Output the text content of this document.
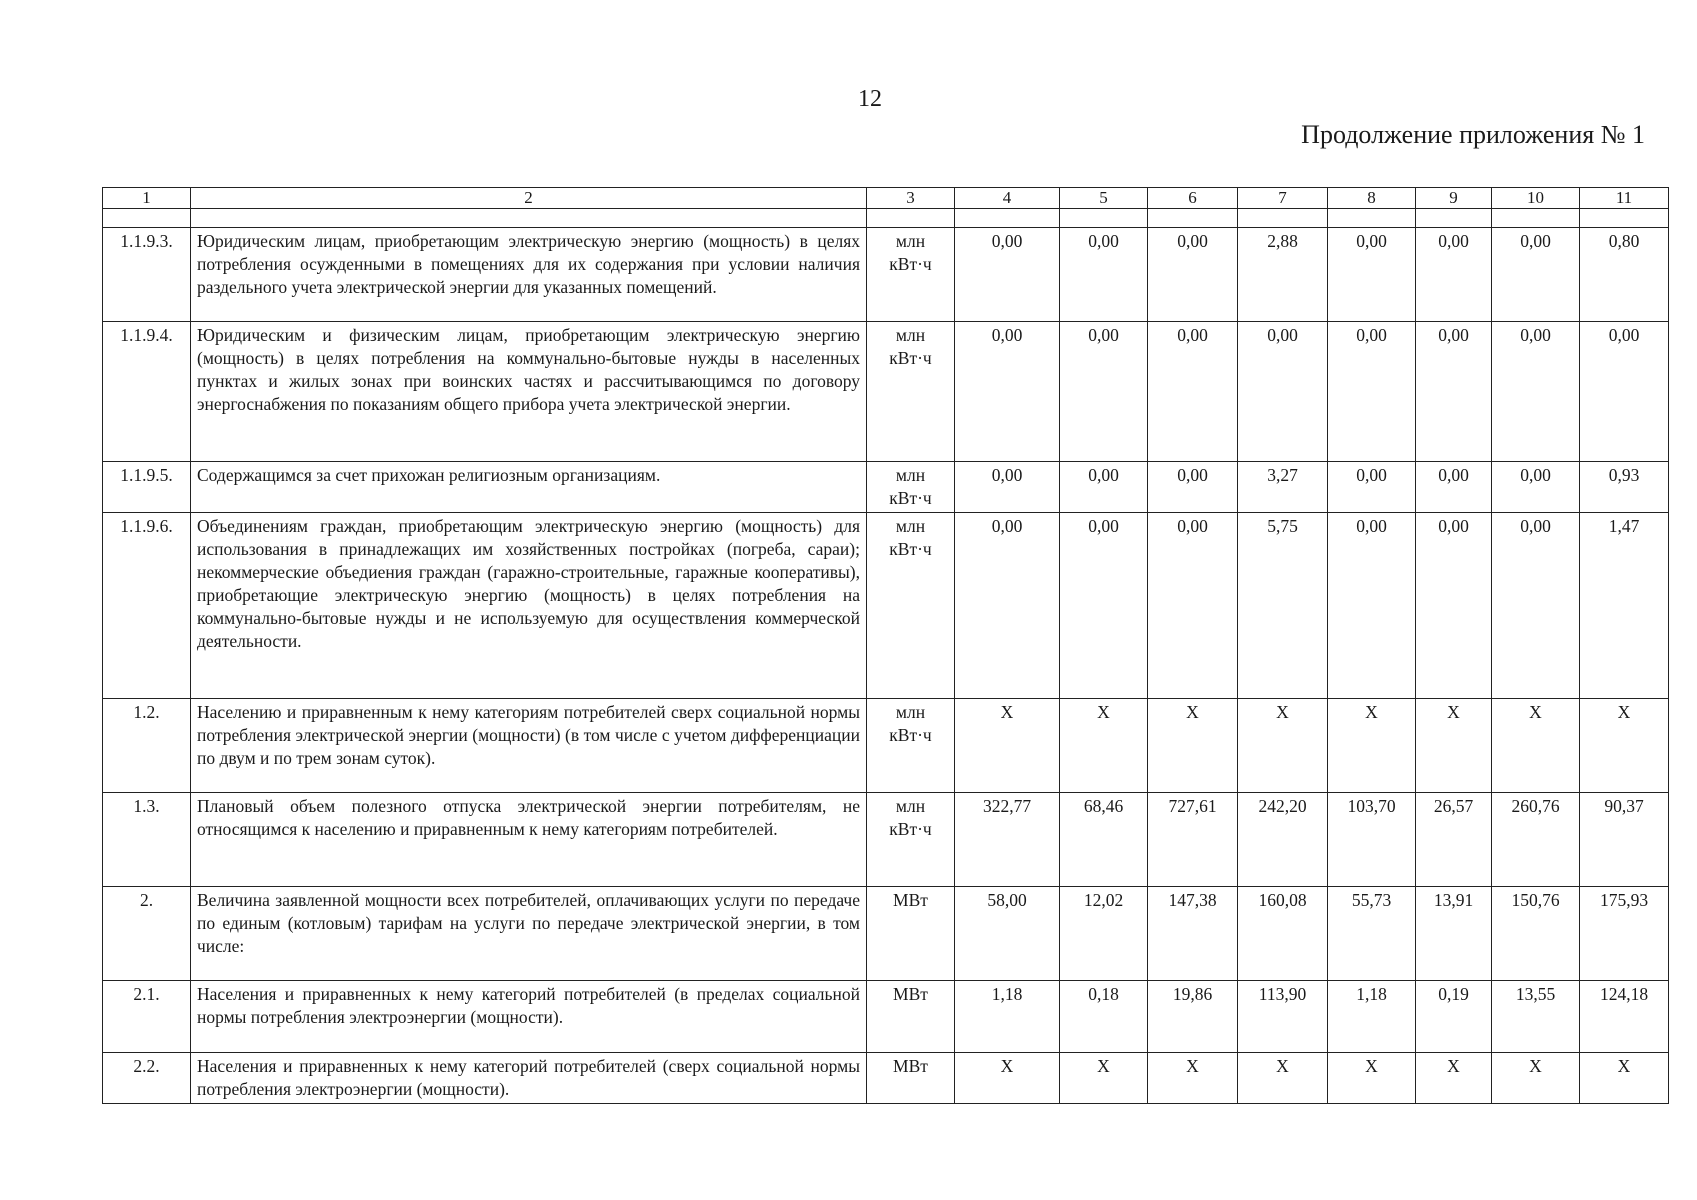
12
Продолжение приложения № 1
1	2	3	4	5	6	7	8	9	10	11

1.1.9.3.	Юридическим лицам, приобретающим электрическую энергию (мощность) в целях потребления осужденными в помещениях для их содержания при условии наличия раздельного учета электрической энергии для указанных помещений.	млн кВт·ч	0,00	0,00	0,00	2,88	0,00	0,00	0,00	0,80
1.1.9.4.	Юридическим и физическим лицам, приобретающим электрическую энергию (мощность) в целях потребления на коммунально-бытовые нужды в населенных пунктах и жилых зонах при воинских частях и рассчитывающимся по договору энергоснабжения по показаниям общего прибора учета электрической энергии.	млн кВт·ч	0,00	0,00	0,00	0,00	0,00	0,00	0,00	0,00
1.1.9.5.	Содержащимся за счет прихожан религиозным организациям.	млн кВт·ч	0,00	0,00	0,00	3,27	0,00	0,00	0,00	0,93
1.1.9.6.	Объединениям граждан, приобретающим электрическую энергию (мощность) для использования в принадлежащих им хозяйственных постройках (погреба, сараи); некоммерческие объедиения граждан (гаражно-строительные, гаражные кооперативы), приобретающие электрическую энергию (мощность) в целях потребления на коммунально-бытовые нужды и не используемую для осуществления коммерческой деятельности.	млн кВт·ч	0,00	0,00	0,00	5,75	0,00	0,00	0,00	1,47
1.2.	Населению и приравненным к нему категориям потребителей сверх социальной нормы потребления электрической энергии (мощности) (в том числе с учетом дифференциации по двум и по трем зонам суток).	млн кВт·ч	Х	Х	Х	Х	Х	Х	Х	Х
1.3.	Плановый объем полезного отпуска электрической энергии потребителям, не относящимся к населению и приравненным к нему категориям потребителей.	млн кВт·ч	322,77	68,46	727,61	242,20	103,70	26,57	260,76	90,37
2.	Величина заявленной мощности всех потребителей, оплачивающих услуги по передаче по единым (котловым) тарифам на услуги по передаче электрической энергии, в том числе:	МВт	58,00	12,02	147,38	160,08	55,73	13,91	150,76	175,93
2.1.	Населения и приравненных к нему категорий потребителей (в пределах социальной нормы потребления электроэнергии (мощности).	МВт	1,18	0,18	19,86	113,90	1,18	0,19	13,55	124,18
2.2.	Населения и приравненных к нему категорий потребителей (сверх социальной нормы потребления электроэнергии (мощности).	МВт	Х	Х	Х	Х	Х	Х	Х	Х
